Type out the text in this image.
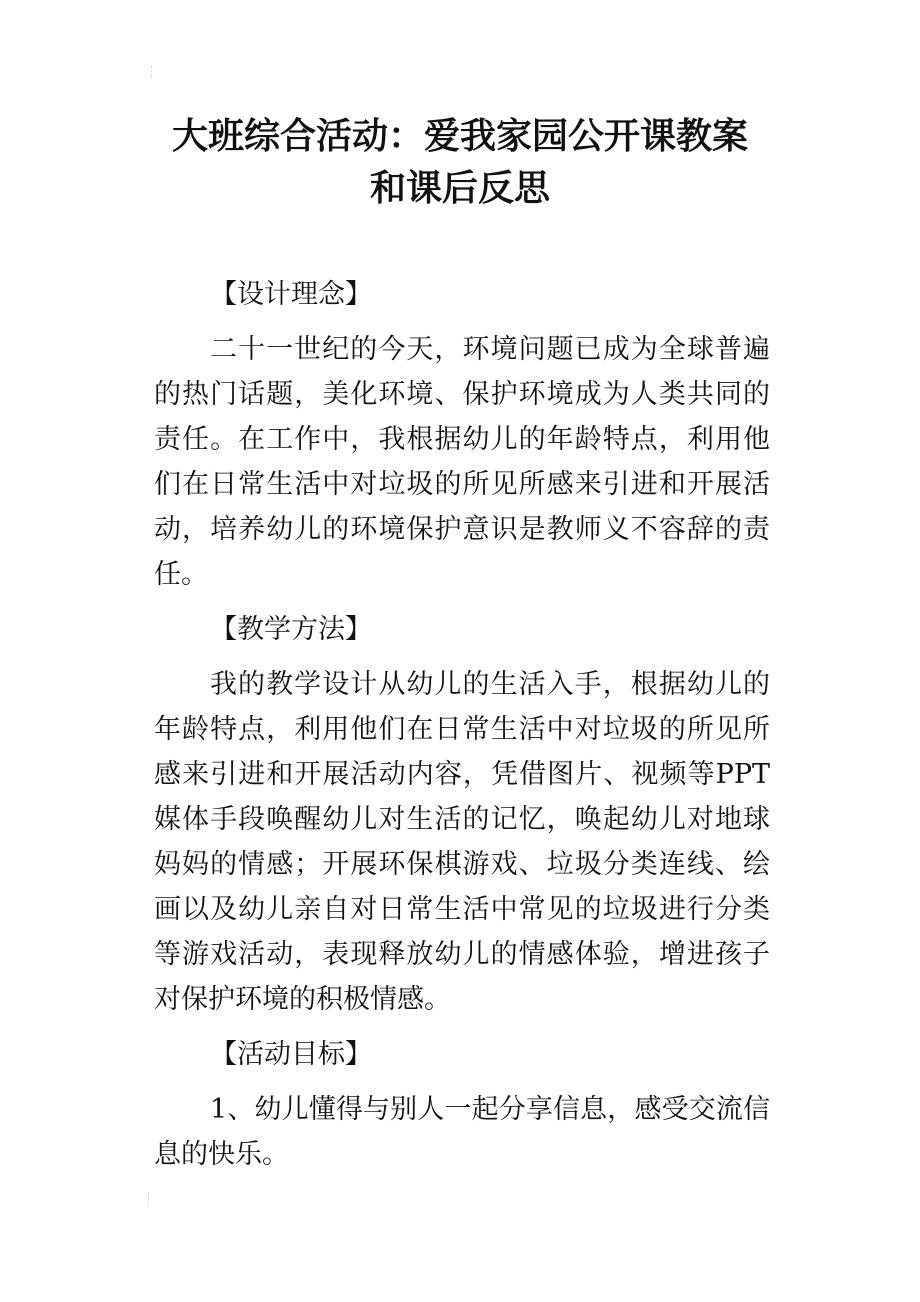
大班综合活动：爱我家园公开课教案
和课后反思
【设计理念】

二十一世纪的今天，环境问题已成为全球普遍的热门话题，美化环境、保护环境成为人类共同的责任。在工作中，我根据幼儿的年龄特点，利用他们在日常生活中对垃圾的所见所感来引进和开展活动，培养幼儿的环境保护意识是教师义不容辞的责任。

【教学方法】

我的教学设计从幼儿的生活入手，根据幼儿的年龄特点，利用他们在日常生活中对垃圾的所见所感来引进和开展活动内容，凭借图片、视频等PPT媒体手段唤醒幼儿对生活的记忆，唤起幼儿对地球妈妈的情感；开展环保棋游戏、垃圾分类连线、绘画以及幼儿亲自对日常生活中常见的垃圾进行分类等游戏活动，表现释放幼儿的情感体验，增进孩子对保护环境的积极情感。

【活动目标】

1、幼儿懂得与别人一起分享信息，感受交流信息的快乐。
